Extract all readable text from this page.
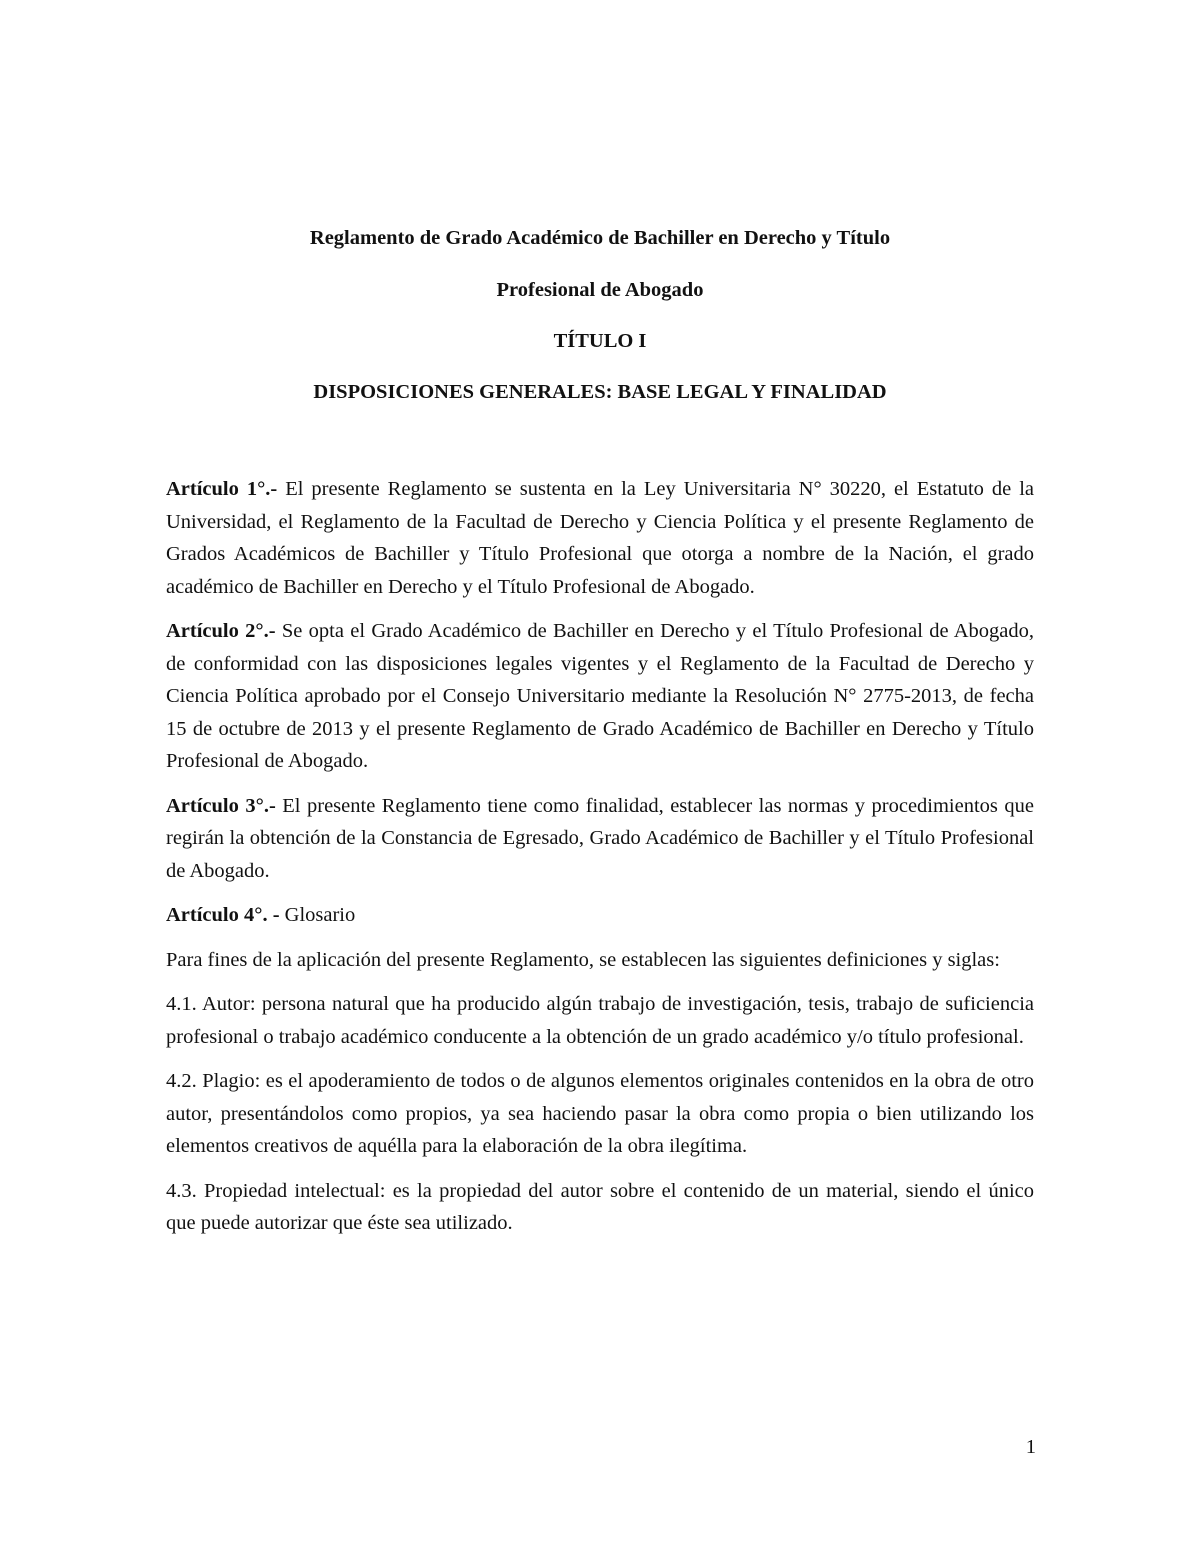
Reglamento de Grado Académico de Bachiller en Derecho y Título
Profesional de Abogado
TÍTULO I
DISPOSICIONES GENERALES: BASE LEGAL Y FINALIDAD

Artículo 1°.- El presente Reglamento se sustenta en la Ley Universitaria N° 30220, el Estatuto de la Universidad, el Reglamento de la Facultad de Derecho y Ciencia Política y el presente Reglamento de Grados Académicos de Bachiller y Título Profesional que otorga a nombre de la Nación, el grado académico de Bachiller en Derecho y el Título Profesional de Abogado.

Artículo 2°.- Se opta el Grado Académico de Bachiller en Derecho y el Título Profesional de Abogado, de conformidad con las disposiciones legales vigentes y el Reglamento de la Facultad de Derecho y Ciencia Política aprobado por el Consejo Universitario mediante la Resolución N° 2775-2013, de fecha 15 de octubre de 2013 y el presente Reglamento de Grado Académico de Bachiller en Derecho y Título Profesional de Abogado.

Artículo 3°.- El presente Reglamento tiene como finalidad, establecer las normas y procedimientos que regirán la obtención de la Constancia de Egresado, Grado Académico de Bachiller y el Título Profesional de Abogado.

Artículo 4°. - Glosario

Para fines de la aplicación del presente Reglamento, se establecen las siguientes definiciones y siglas:

4.1. Autor: persona natural que ha producido algún trabajo de investigación, tesis, trabajo de suficiencia profesional o trabajo académico conducente a la obtención de un grado académico y/o título profesional.

4.2. Plagio: es el apoderamiento de todos o de algunos elementos originales contenidos en la obra de otro autor, presentándolos como propios, ya sea haciendo pasar la obra como propia o bien utilizando los elementos creativos de aquélla para la elaboración de la obra ilegítima.

4.3. Propiedad intelectual: es la propiedad del autor sobre el contenido de un material, siendo el único que puede autorizar que éste sea utilizado.

1
